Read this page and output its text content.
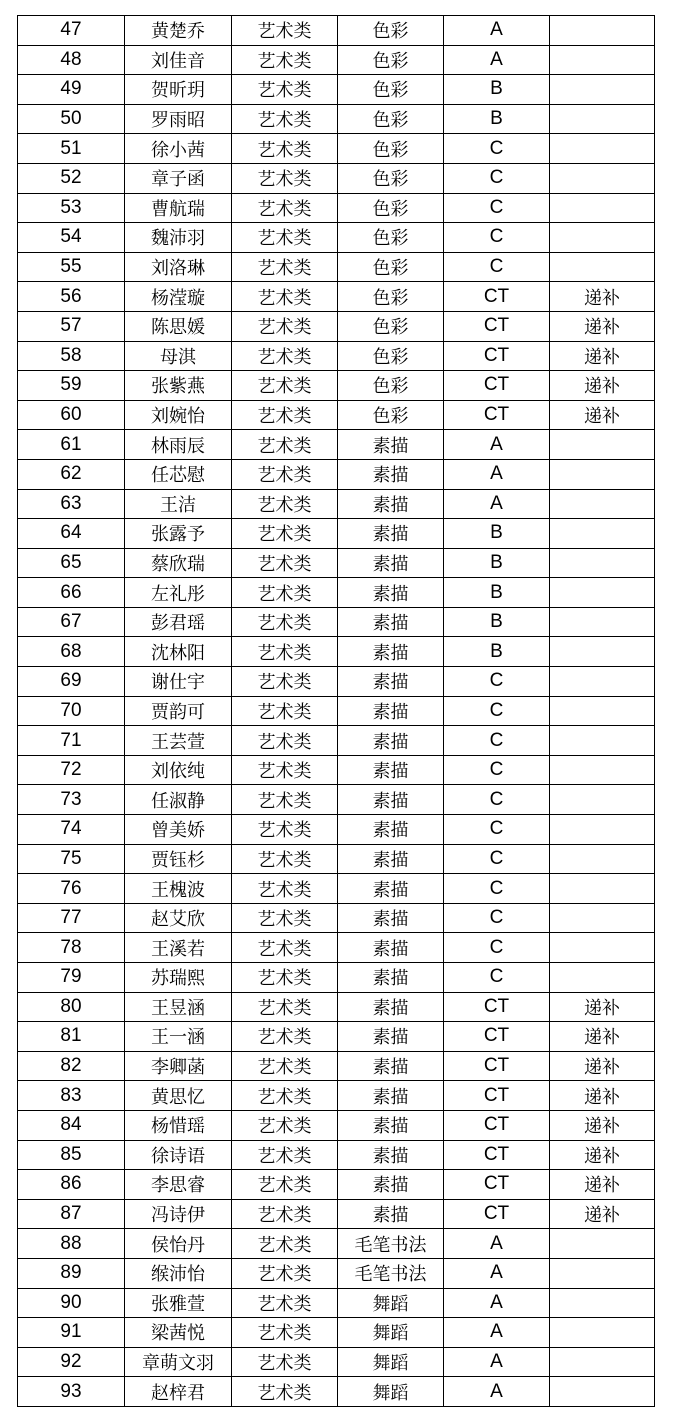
47	黄楚乔	艺术类	色彩	A	
48	刘佳音	艺术类	色彩	A	
49	贺昕玥	艺术类	色彩	B	
50	罗雨昭	艺术类	色彩	B	
51	徐小茜	艺术类	色彩	C	
52	章子函	艺术类	色彩	C	
53	曹航瑞	艺术类	色彩	C	
54	魏沛羽	艺术类	色彩	C	
55	刘洛琳	艺术类	色彩	C	
56	杨滢璇	艺术类	色彩	CT	递补
57	陈思媛	艺术类	色彩	CT	递补
58	母淇	艺术类	色彩	CT	递补
59	张紫燕	艺术类	色彩	CT	递补
60	刘婉怡	艺术类	色彩	CT	递补
61	林雨辰	艺术类	素描	A	
62	任芯慰	艺术类	素描	A	
63	王洁	艺术类	素描	A	
64	张露予	艺术类	素描	B	
65	蔡欣瑞	艺术类	素描	B	
66	左礼彤	艺术类	素描	B	
67	彭君瑶	艺术类	素描	B	
68	沈林阳	艺术类	素描	B	
69	谢仕宇	艺术类	素描	C	
70	贾韵可	艺术类	素描	C	
71	王芸萱	艺术类	素描	C	
72	刘依纯	艺术类	素描	C	
73	任淑静	艺术类	素描	C	
74	曾美娇	艺术类	素描	C	
75	贾钰杉	艺术类	素描	C	
76	王槐波	艺术类	素描	C	
77	赵艾欣	艺术类	素描	C	
78	王溪若	艺术类	素描	C	
79	苏瑞熙	艺术类	素描	C	
80	王昱涵	艺术类	素描	CT	递补
81	王一涵	艺术类	素描	CT	递补
82	李卿菡	艺术类	素描	CT	递补
83	黄思忆	艺术类	素描	CT	递补
84	杨惜瑶	艺术类	素描	CT	递补
85	徐诗语	艺术类	素描	CT	递补
86	李思睿	艺术类	素描	CT	递补
87	冯诗伊	艺术类	素描	CT	递补
88	侯怡丹	艺术类	毛笔书法	A	
89	缑沛怡	艺术类	毛笔书法	A	
90	张雅萱	艺术类	舞蹈	A	
91	梁茜悦	艺术类	舞蹈	A	
92	章萌文羽	艺术类	舞蹈	A	
93	赵梓君	艺术类	舞蹈	A	
